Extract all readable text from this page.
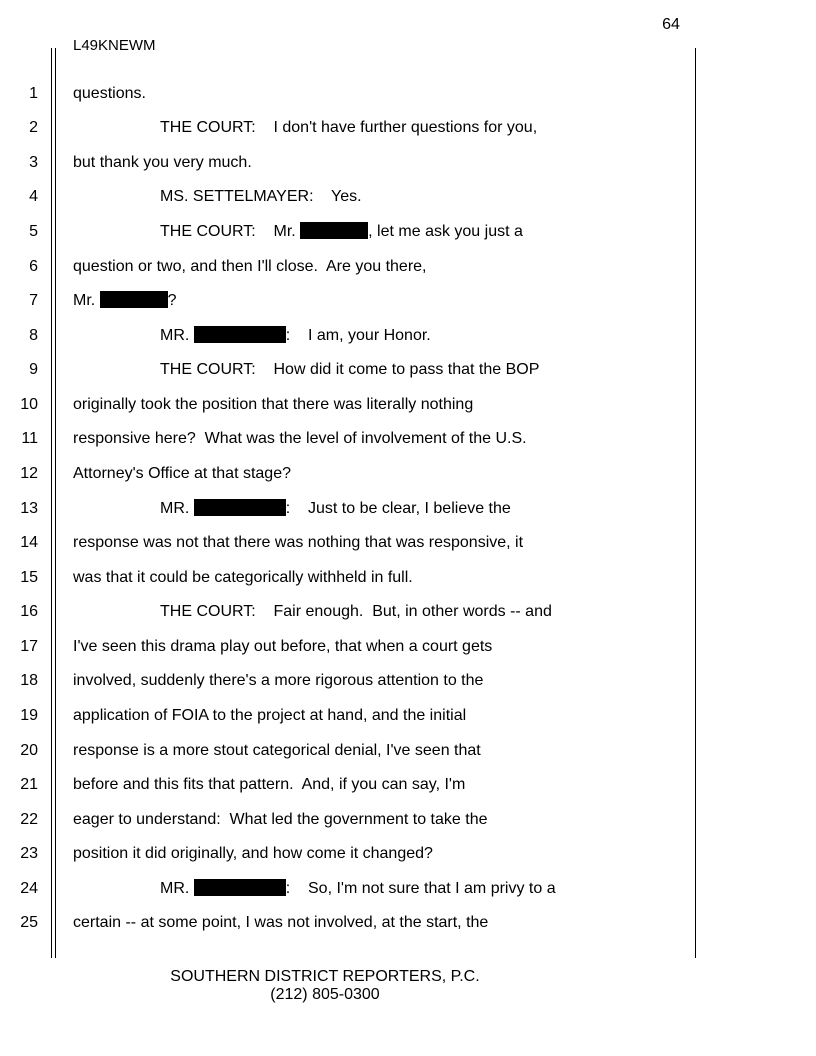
64
L49KNEWM
1 questions.
2	THE COURT:    I don't have further questions for you,
3 but thank you very much.
4	MS. SETTELMAYER:    Yes.
5	THE COURT:    Mr.	, let me ask you just a
6 question or two, and then I'll close.  Are you there,
7 Mr.	?
8	MR.	:    I am, your Honor.
9	THE COURT:    How did it come to pass that the BOP
10 originally took the position that there was literally nothing
11 responsive here?  What was the level of involvement of the U.S.
12 Attorney's Office at that stage?
13	MR.	:    Just to be clear, I believe the
14 response was not that there was nothing that was responsive, it
15 was that it could be categorically withheld in full.
16	THE COURT:    Fair enough.  But, in other words -- and
17 I've seen this drama play out before, that when a court gets
18 involved, suddenly there's a more rigorous attention to the
19 application of FOIA to the project at hand, and the initial
20 response is a more stout categorical denial, I've seen that
21 before and this fits that pattern.  And, if you can say, I'm
22 eager to understand:  What led the government to take the
23 position it did originally, and how come it changed?
24	MR.	:    So, I'm not sure that I am privy to a
25 certain -- at some point, I was not involved, at the start, the
SOUTHERN DISTRICT REPORTERS, P.C.
(212) 805-0300
